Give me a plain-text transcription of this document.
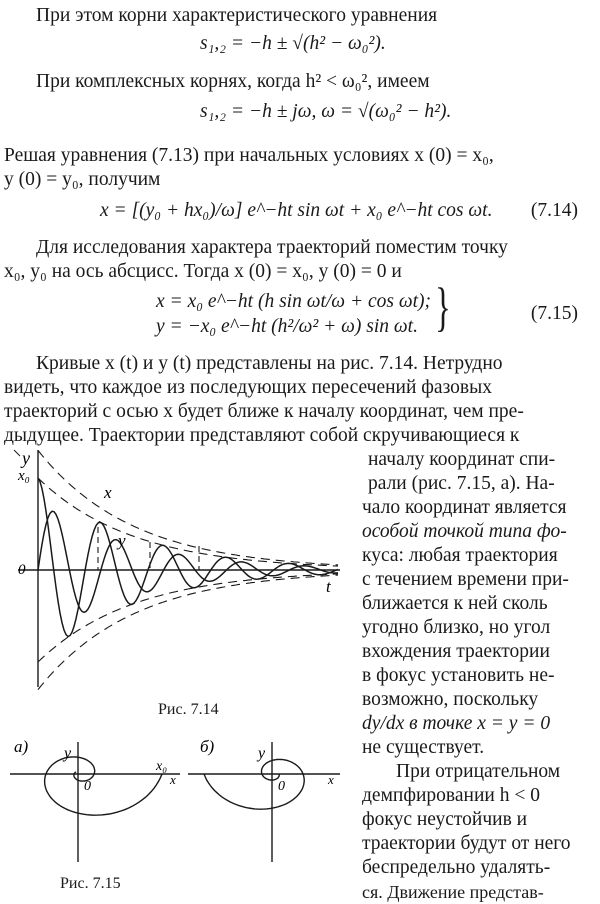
При этом корни характеристического уравнения
s₁,₂ = −h ± √(h² − ω₀²).
При комплексных корнях, когда h² < ω₀², имеем
s₁,₂ = −h ± jω, ω = √(ω₀² − h²).
Решая уравнения (7.13) при начальных условиях x (0) = x₀,
y (0) = y₀, получим
x = [(y₀ + hx₀)/ω] e^−ht sin ωt + x₀ e^−ht cos ωt. (7.14)
Для исследования характера траекторий поместим точку
x₀, y₀ на ось абсцисс. Тогда x (0) = x₀, y (0) = 0 и
x = x₀ e^−ht (h sin ωt/ω + cos ωt);
y = −x₀ e^−ht (h²/ω² + ω) sin ωt. }	(7.15)
Кривые x (t) и y (t) представлены на рис. 7.14. Нетрудно
видеть, что каждое из последующих пересечений фазовых
траекторий с осью x будет ближе к началу координат, чем пре-
дыдущее. Траектории представляют собой скручивающиеся к
началу координат спи-
рали (рис. 7.15, а). На-
чало координат является
особой точкой типа фо-
куса: любая траектория
с течением времени при-
ближается к ней сколь
угодно близко, но угол
вхождения траектории
в фокус установить не-
возможно, поскольку
dy/dx в точке x = y = 0
не существует.
При отрицательном
демпфировании h < 0
фокус неустойчив и
траектории будут от него
беспредельно удалять-
ся. Движение представ-
y
x₀
x
y
0
t
Рис. 7.14
а)	б)
y	y
0	0
x₀
x	x
Рис. 7.15
